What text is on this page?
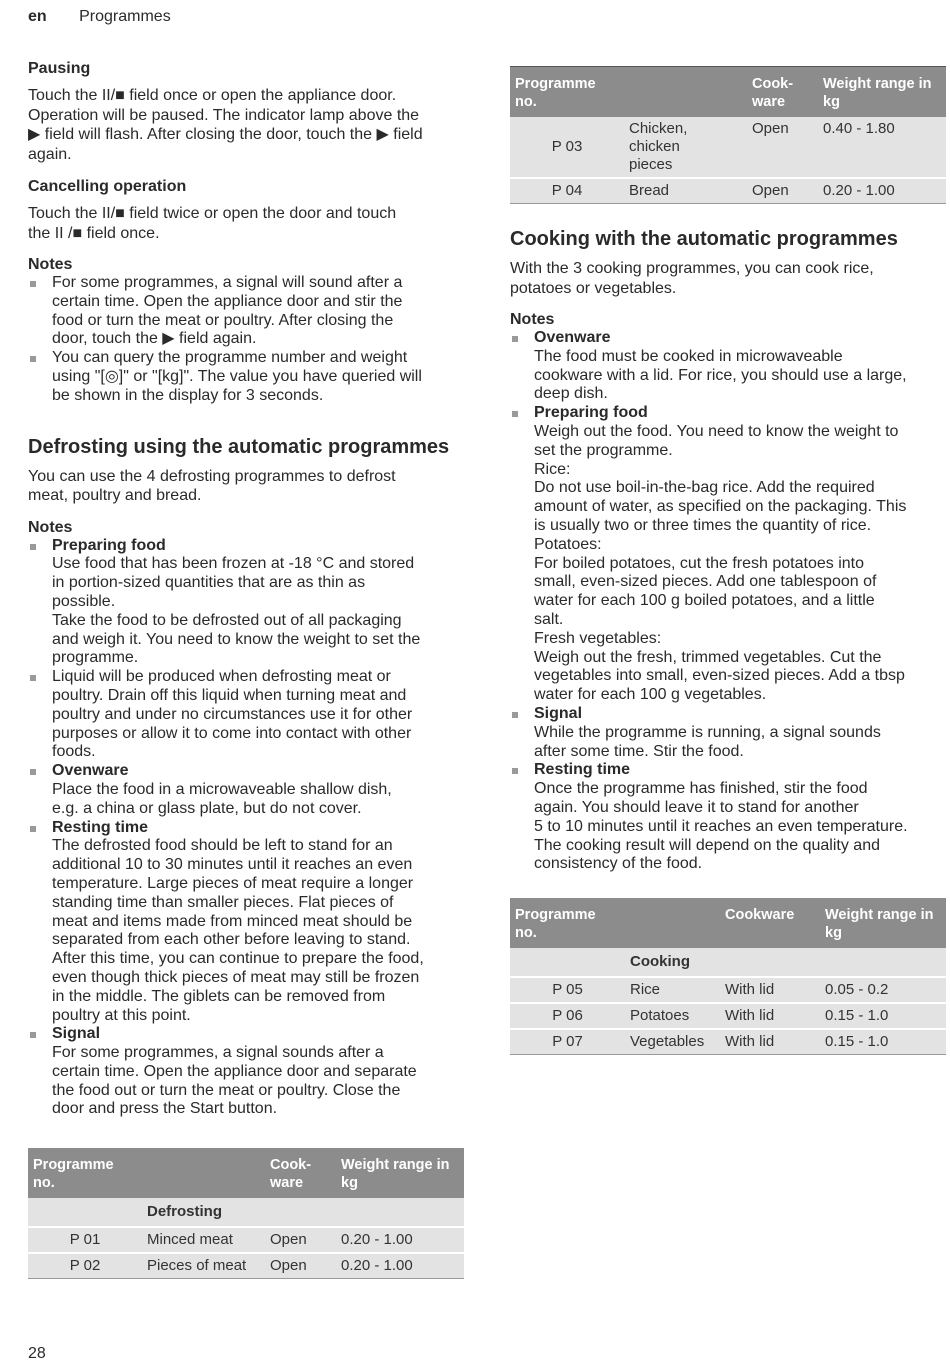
en Programmes

Pausing

Touch the II/■ field once or open the appliance door.
Operation will be paused. The indicator lamp above the
▶ field will flash. After closing the door, touch the ▶ field
again.

Cancelling operation

Touch the II/■ field twice or open the door and touch
the II /■ field once.

Notes

For some programmes, a signal will sound after a
certain time. Open the appliance door and stir the
food or turn the meat or poultry. After closing the
door, touch the ▶ field again.
You can query the programme number and weight
using "[◎]" or "[kg]". The value you have queried will
be shown in the display for 3 seconds.

Defrosting using the automatic programmes

You can use the 4 defrosting programmes to defrost
meat, poultry and bread.

Notes

Preparing food
Use food that has been frozen at -18 °C and stored
in portion-sized quantities that are as thin as
possible.
Take the food to be defrosted out of all packaging
and weigh it. You need to know the weight to set the
programme.
Liquid will be produced when defrosting meat or
poultry. Drain off this liquid when turning meat and
poultry and under no circumstances use it for other
purposes or allow it to come into contact with other
foods.
Ovenware
Place the food in a microwaveable shallow dish,
e.g. a china or glass plate, but do not cover.
Resting time
The defrosted food should be left to stand for an
additional 10 to 30 minutes until it reaches an even
temperature. Large pieces of meat require a longer
standing time than smaller pieces. Flat pieces of
meat and items made from minced meat should be
separated from each other before leaving to stand.
After this time, you can continue to prepare the food,
even though thick pieces of meat may still be frozen
in the middle. The giblets can be removed from
poultry at this point.
Signal
For some programmes, a signal sounds after a
certain time. Open the appliance door and separate
the food out or turn the meat or poultry. Close the
door and press the Start button.
Programme no.		Cook-
ware	Weight range in
kg
	Defrosting		
P 01	Minced meat	Open	0.20 - 1.00
P 02	Pieces of meat	Open	0.20 - 1.00
Programme no.		Cook-
ware	Weight range in
kg
P 03	Chicken, chicken
pieces	Open	0.40 - 1.80
P 04	Bread	Open	0.20 - 1.00

Cooking with the automatic programmes

With the 3 cooking programmes, you can cook rice,
potatoes or vegetables.

Notes

Ovenware
The food must be cooked in microwaveable
cookware with a lid. For rice, you should use a large,
deep dish.
Preparing food
Weigh out the food. You need to know the weight to
set the programme.
Rice:
Do not use boil-in-the-bag rice. Add the required
amount of water, as specified on the packaging. This
is usually two or three times the quantity of rice.
Potatoes:
For boiled potatoes, cut the fresh potatoes into
small, even-sized pieces. Add one tablespoon of
water for each 100 g boiled potatoes, and a little
salt.
Fresh vegetables:
Weigh out the fresh, trimmed vegetables. Cut the
vegetables into small, even-sized pieces. Add a tbsp
water for each 100 g vegetables.
Signal
While the programme is running, a signal sounds
after some time. Stir the food.
Resting time
Once the programme has finished, stir the food
again. You should leave it to stand for another
5 to 10 minutes until it reaches an even temperature.
The cooking result will depend on the quality and
consistency of the food.
Programme no.		Cookware	Weight range in
kg
	Cooking		
P 05	Rice	With lid	0.05 - 0.2
P 06	Potatoes	With lid	0.15 - 1.0
P 07	Vegetables	With lid	0.15 - 1.0
28
